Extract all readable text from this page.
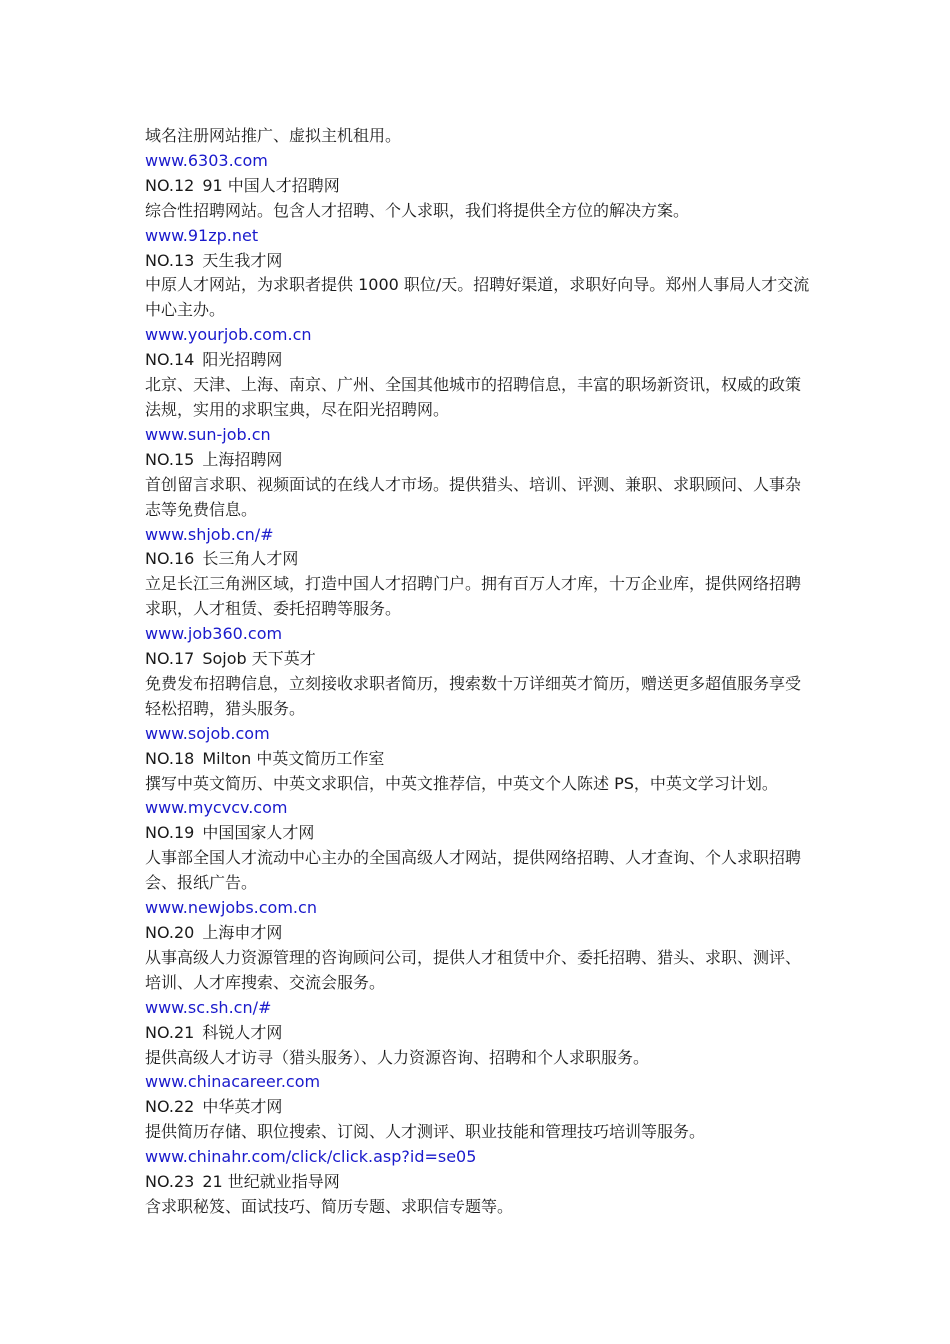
域名注册网站推广、虚拟主机租用。

www.6303.com

NO.12 91 中国人才招聘网

综合性招聘网站。包含人才招聘、个人求职，我们将提供全方位的解决方案。

www.91zp.net

NO.13 天生我才网

中原人才网站，为求职者提供 1000 职位/天。招聘好渠道，求职好向导。郑州人事局人才交流中心主办。

www.yourjob.com.cn

NO.14 阳光招聘网

北京、天津、上海、南京、广州、全国其他城市的招聘信息，丰富的职场新资讯，权威的政策法规，实用的求职宝典，尽在阳光招聘网。

www.sun-job.cn

NO.15 上海招聘网

首创留言求职、视频面试的在线人才市场。提供猎头、培训、评测、兼职、求职顾问、人事杂志等免费信息。

www.shjob.cn/#

NO.16 长三角人才网

立足长江三角洲区域，打造中国人才招聘门户。拥有百万人才库，十万企业库，提供网络招聘求职，人才租赁、委托招聘等服务。

www.job360.com

NO.17 Sojob 天下英才

免费发布招聘信息，立刻接收求职者简历，搜索数十万详细英才简历，赠送更多超值服务享受轻松招聘，猎头服务。

www.sojob.com

NO.18 Milton 中英文简历工作室

撰写中英文简历、中英文求职信，中英文推荐信，中英文个人陈述 PS，中英文学习计划。

www.mycvcv.com

NO.19 中国国家人才网

人事部全国人才流动中心主办的全国高级人才网站，提供网络招聘、人才查询、个人求职招聘会、报纸广告。

www.newjobs.com.cn

NO.20 上海申才网

从事高级人力资源管理的咨询顾问公司，提供人才租赁中介、委托招聘、猎头、求职、测评、培训、人才库搜索、交流会服务。

www.sc.sh.cn/#

NO.21 科锐人才网

提供高级人才访寻（猎头服务）、人力资源咨询、招聘和个人求职服务。

www.chinacareer.com

NO.22 中华英才网

提供简历存储、职位搜索、订阅、人才测评、职业技能和管理技巧培训等服务。

www.chinahr.com/click/click.asp?id=se05

NO.23 21 世纪就业指导网

含求职秘笈、面试技巧、简历专题、求职信专题等。
